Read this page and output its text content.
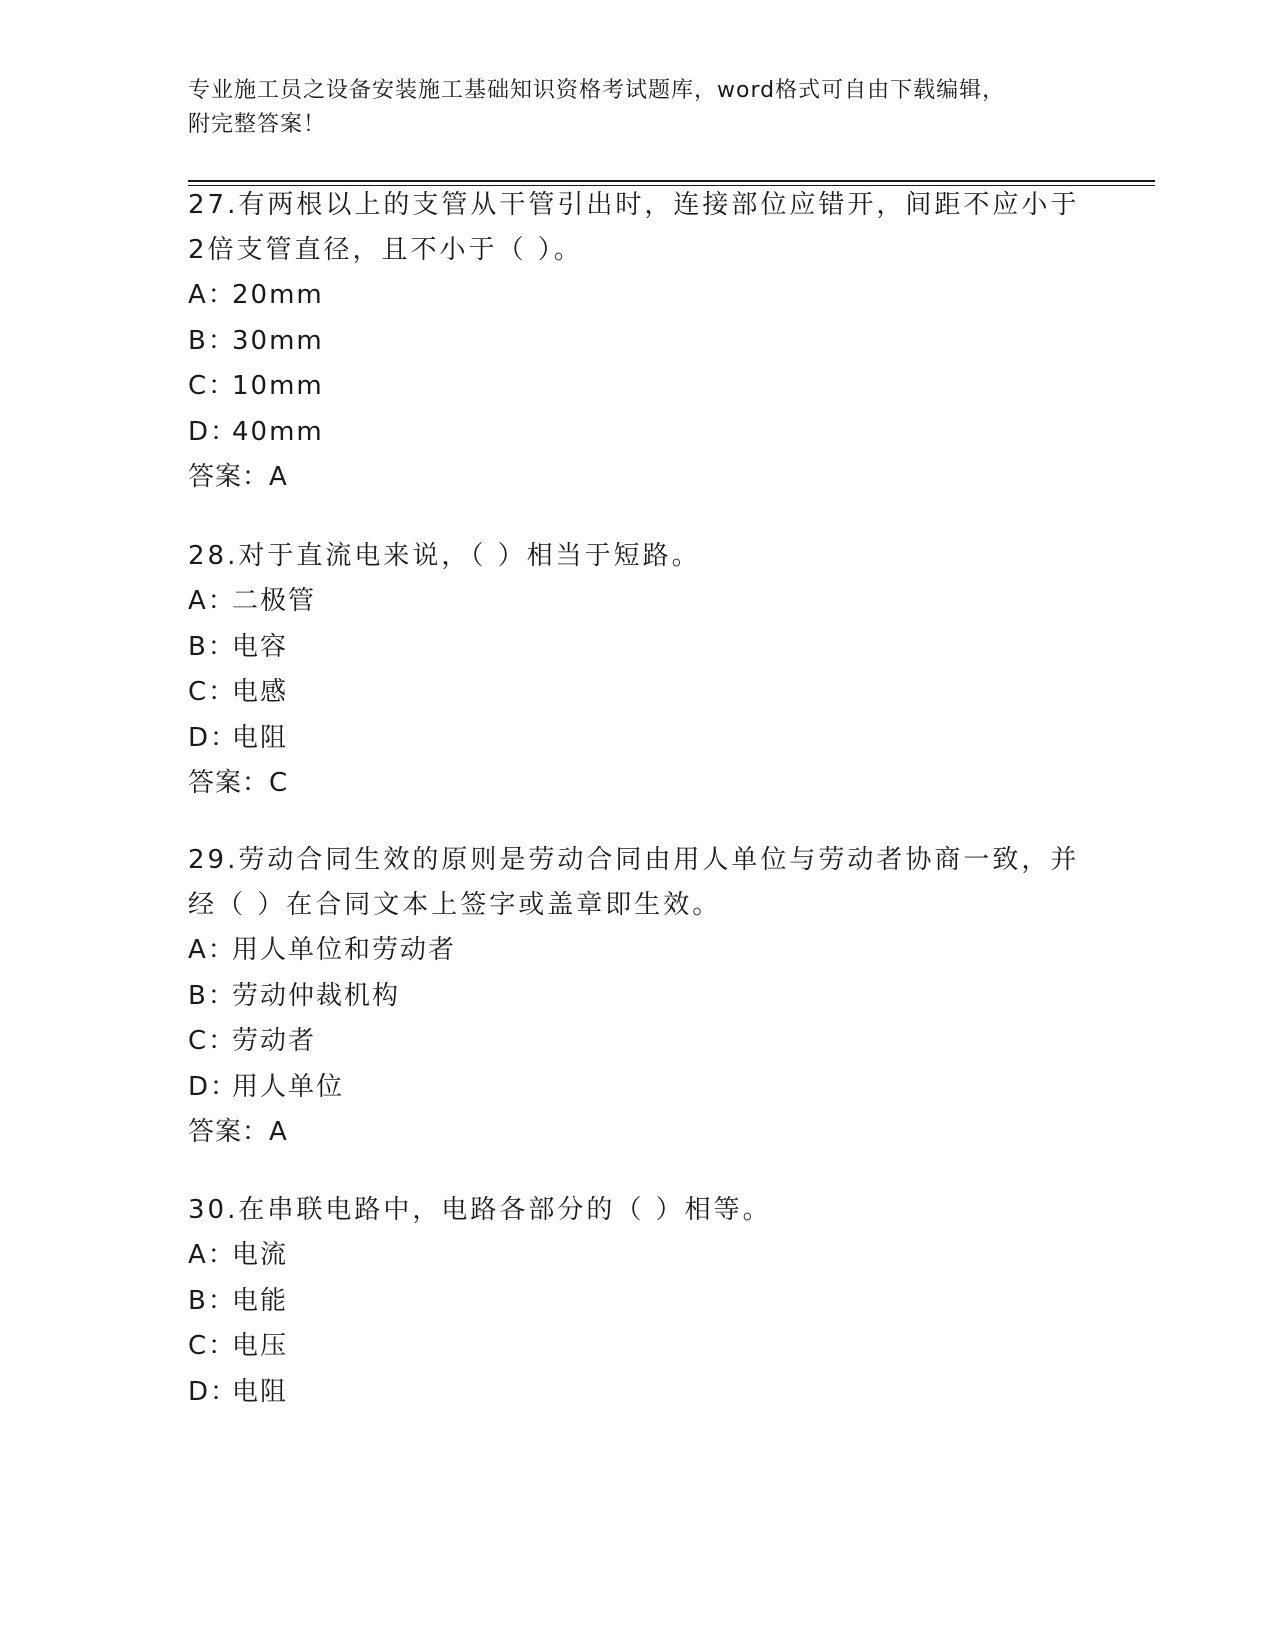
专业施工员之设备安装施工基础知识资格考试题库，word格式可自由下载编辑，
附完整答案！

27.有两根以上的支管从干管引出时，连接部位应错开，间距不应小于

2倍支管直径，且不小于（ ）。

A：20mm

B：30mm

C：10mm

D：40mm

答案：A

28.对于直流电来说，（ ）相当于短路。

A：二极管

B：电容

C：电感

D：电阻

答案：C

29.劳动合同生效的原则是劳动合同由用人单位与劳动者协商一致，并

经（ ）在合同文本上签字或盖章即生效。

A：用人单位和劳动者

B：劳动仲裁机构

C：劳动者

D：用人单位

答案：A

30.在串联电路中，电路各部分的（ ）相等。

A：电流

B：电能

C：电压

D：电阻
